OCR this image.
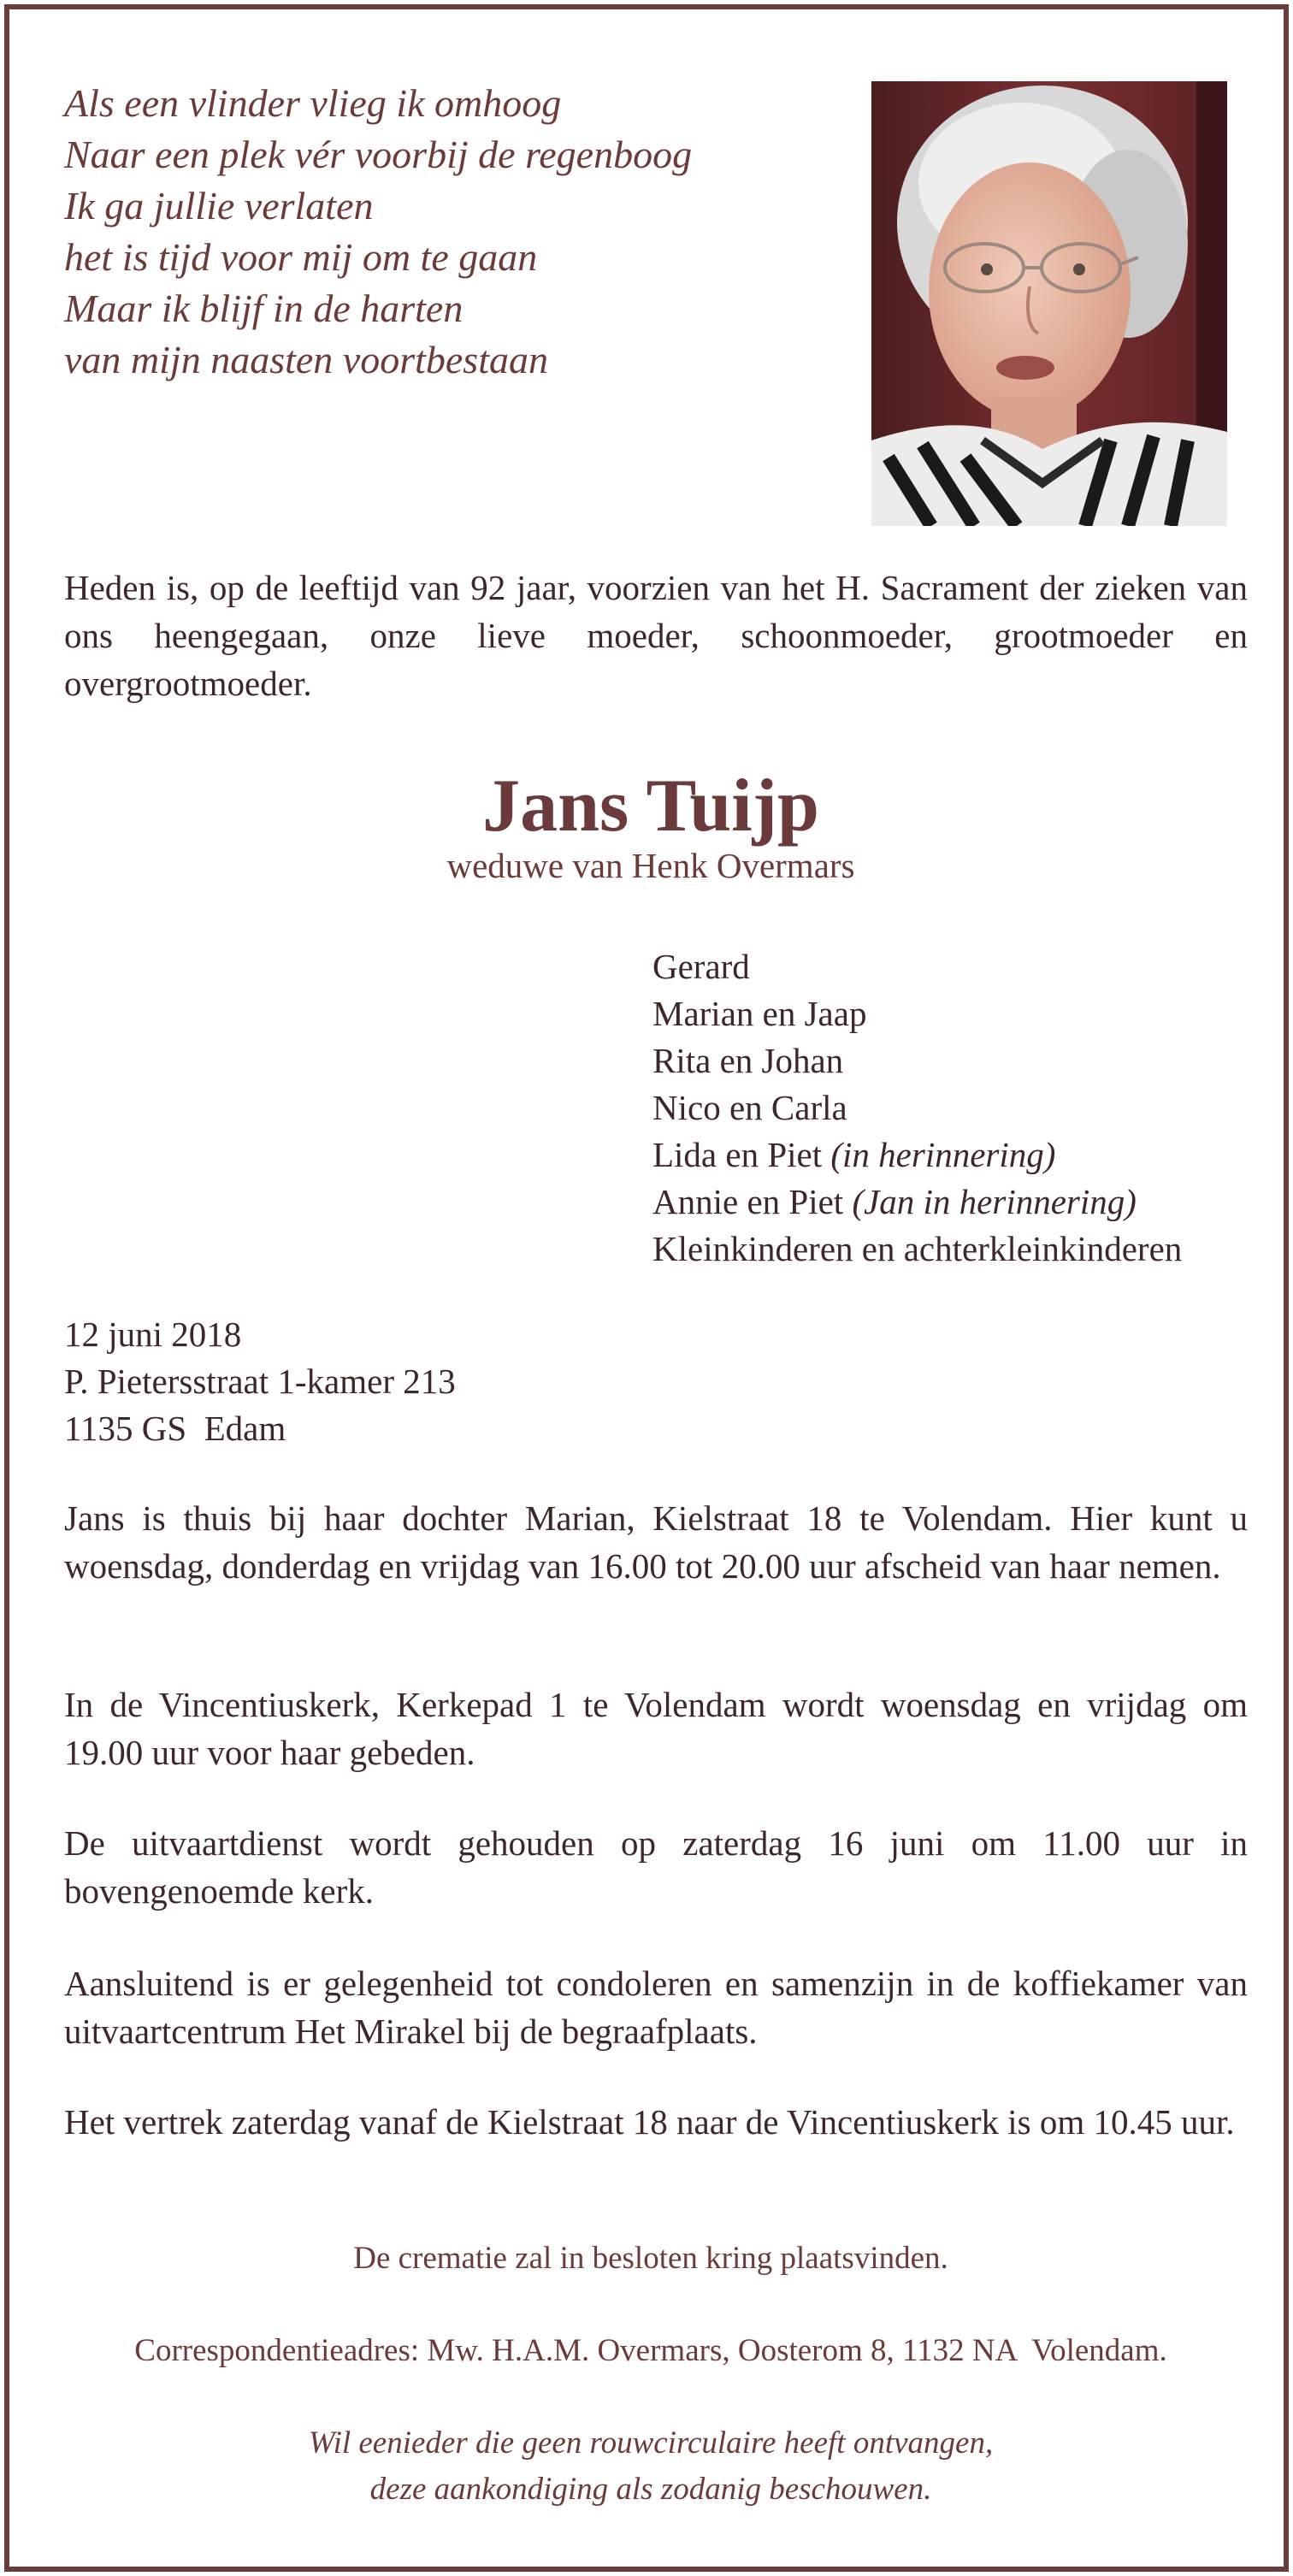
Als een vlinder vlieg ik omhoog
Naar een plek vér voorbij de regenboog
Ik ga jullie verlaten
het is tijd voor mij om te gaan
Maar ik blijf in de harten
van mijn naasten voortbestaan
Heden is, op de leeftijd van 92 jaar, voorzien van het H. Sacrament der zieken van ons heengegaan, onze lieve moeder, schoonmoeder, grootmoeder en overgrootmoeder.
Jans Tuijp
weduwe van Henk Overmars
Gerard
Marian en Jaap
Rita en Johan
Nico en Carla
Lida en Piet (in herinnering)
Annie en Piet (Jan in herinnering)
Kleinkinderen en achterkleinkinderen
12 juni 2018
P. Pietersstraat 1-kamer 213
1135 GS  Edam
Jans is thuis bij haar dochter Marian, Kielstraat 18 te Volendam. Hier kunt u woensdag, donderdag en vrijdag van 16.00 tot 20.00 uur afscheid van haar nemen.
In de Vincentiuskerk, Kerkepad 1 te Volendam wordt woensdag en vrijdag om 19.00 uur voor haar gebeden.
De uitvaartdienst wordt gehouden op zaterdag 16 juni om 11.00 uur in bovengenoemde kerk.
Aansluitend is er gelegenheid tot condoleren en samenzijn in de koffiekamer van uitvaartcentrum Het Mirakel bij de begraafplaats.
Het vertrek zaterdag vanaf de Kielstraat 18 naar de Vincentiuskerk is om 10.45 uur.
De crematie zal in besloten kring plaatsvinden.
Correspondentieadres: Mw. H.A.M. Overmars, Oosterom 8, 1132 NA  Volendam.
Wil eenieder die geen rouwcirculaire heeft ontvangen,
deze aankondiging als zodanig beschouwen.
